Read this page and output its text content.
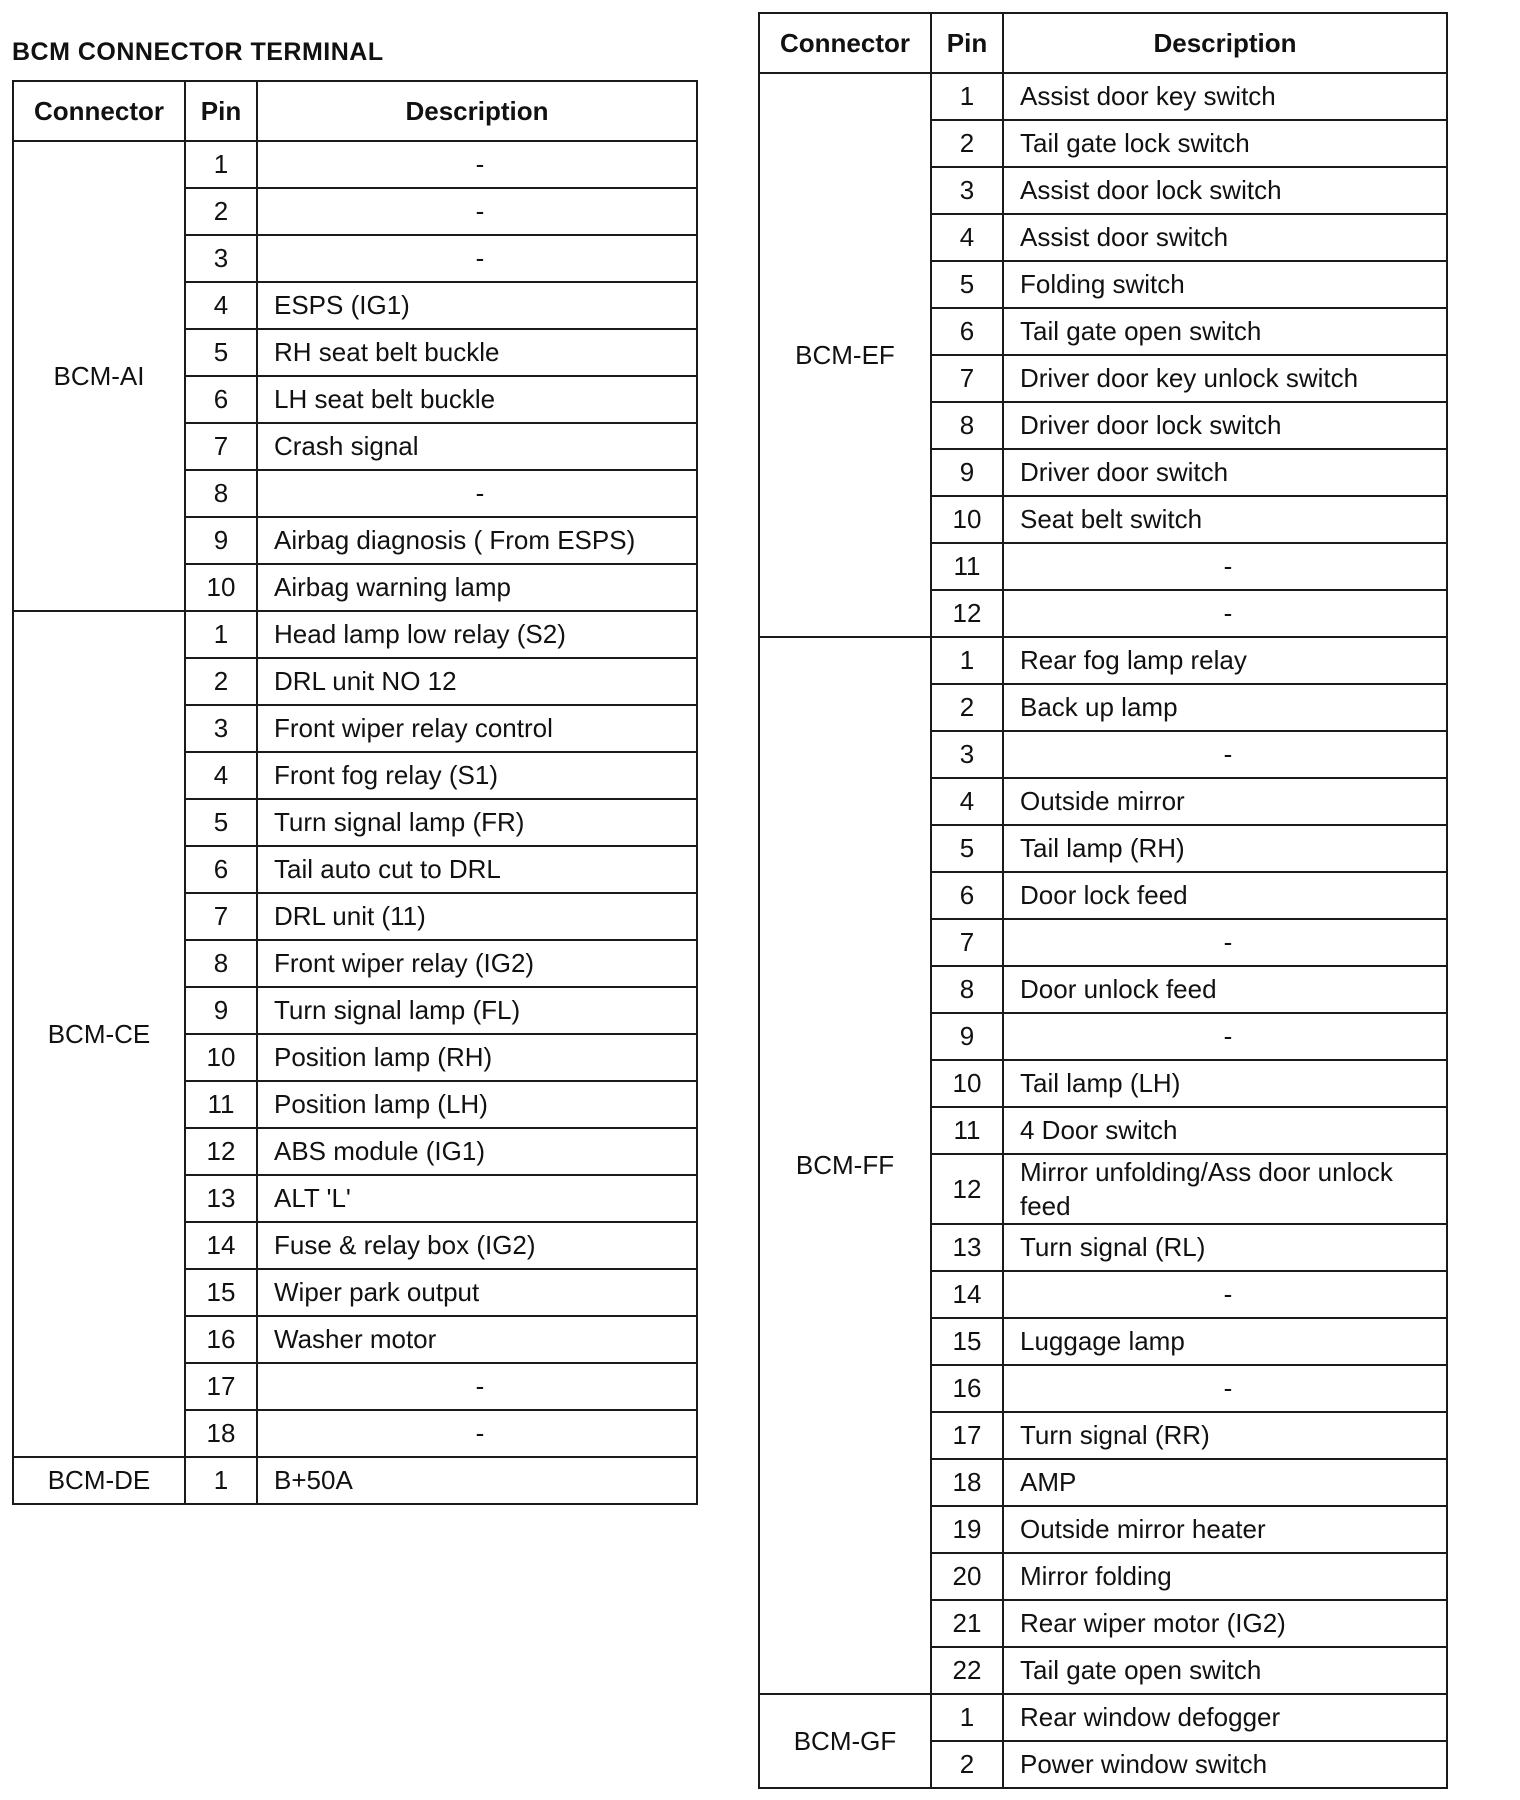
BCM CONNECTOR TERMINAL
Connector	Pin	Description
BCM-AI	1	-
	2	-
	3	-
	4	ESPS (IG1)
	5	RH seat belt buckle
	6	LH seat belt buckle
	7	Crash signal
	8	-
	9	Airbag diagnosis ( From ESPS)
	10	Airbag warning lamp
BCM-CE	1	Head lamp low relay (S2)
	2	DRL unit NO 12
	3	Front wiper relay control
	4	Front fog relay (S1)
	5	Turn signal lamp (FR)
	6	Tail auto cut to DRL
	7	DRL unit (11)
	8	Front wiper relay (IG2)
	9	Turn signal lamp (FL)
	10	Position lamp (RH)
	11	Position lamp (LH)
	12	ABS module (IG1)
	13	ALT 'L'
	14	Fuse & relay box (IG2)
	15	Wiper park output
	16	Washer motor
	17	-
	18	-
BCM-DE	1	B+50A
Connector	Pin	Description
BCM-EF	1	Assist door key switch
	2	Tail gate lock switch
	3	Assist door lock switch
	4	Assist door switch
	5	Folding switch
	6	Tail gate open switch
	7	Driver door key unlock switch
	8	Driver door lock switch
	9	Driver door switch
	10	Seat belt switch
	11	-
	12	-
BCM-FF	1	Rear fog lamp relay
	2	Back up lamp
	3	-
	4	Outside mirror
	5	Tail lamp (RH)
	6	Door lock feed
	7	-
	8	Door unlock feed
	9	-
	10	Tail lamp (LH)
	11	4 Door switch
	12	Mirror unfolding/Ass door unlock feed
	13	Turn signal (RL)
	14	-
	15	Luggage lamp
	16	-
	17	Turn signal (RR)
	18	AMP
	19	Outside mirror heater
	20	Mirror folding
	21	Rear wiper motor (IG2)
	22	Tail gate open switch
BCM-GF	1	Rear window defogger
	2	Power window switch
